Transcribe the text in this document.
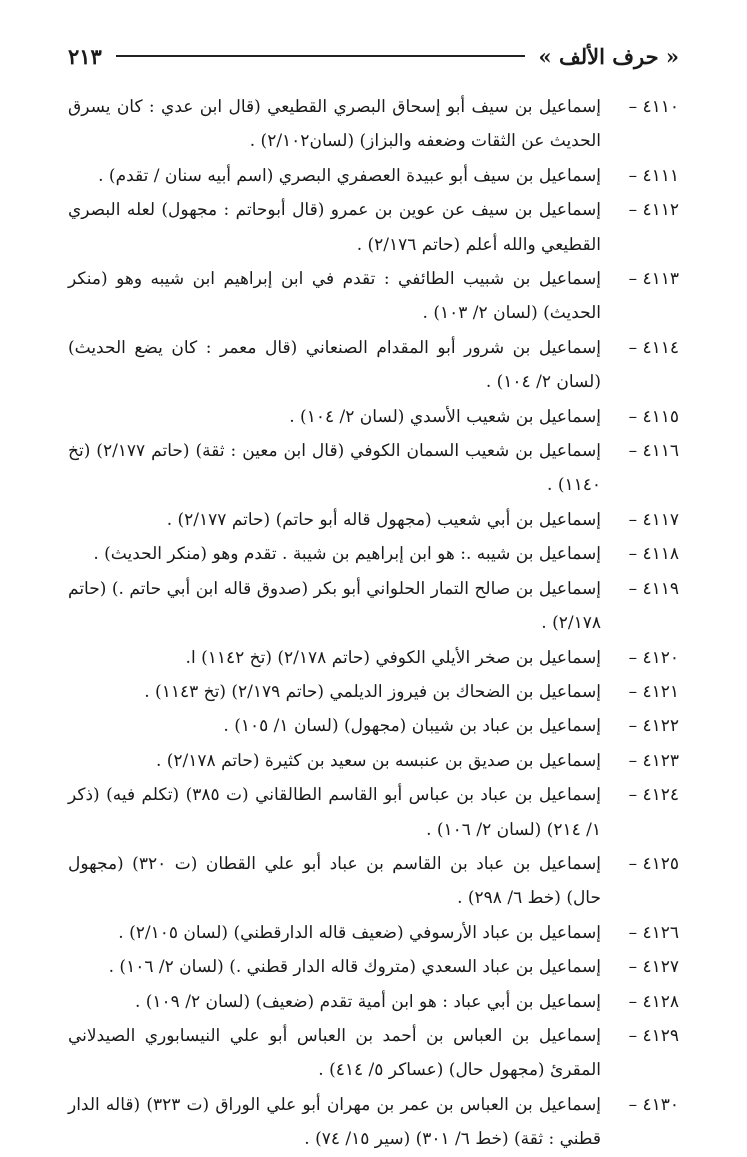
« حرف الألف »
٢١٣
٤١١٠ –
إسماعيل بن سيف أبو إسحاق البصري القطيعي (قال ابن عدي : كان يسرق الحديث عن الثقات وضعفه والبزاز) (لسان٢/١٠٢) .
٤١١١ –
إسماعيل بن سيف أبو عبيدة العصفري البصري (اسم أبيه سنان / تقدم) .
٤١١٢ –
إسماعيل بن سيف عن عوين بن عمرو (قال أبوحاتم : مجهول) لعله البصري القطيعي والله أعلم (حاتم ٢/١٧٦) .
٤١١٣ –
إسماعيل بن شبيب الطائفي : تقدم في ابن إبراهيم ابن شيبه وهو (منكر الحديث) (لسان ٢/ ١٠٣) .
٤١١٤ –
إسماعيل بن شرور أبو المقدام الصنعاني (قال معمر : كان يضع الحديث) (لسان ٢/ ١٠٤) .
٤١١٥ –
إسماعيل بن شعيب الأسدي (لسان ٢/ ١٠٤) .
٤١١٦ –
إسماعيل بن شعيب السمان الكوفي (قال ابن معين : ثقة) (حاتم ٢/١٧٧) (تخ ١١٤٠) .
٤١١٧ –
إسماعيل بن أبي شعيب (مجهول قاله أبو حاتم) (حاتم ٢/١٧٧) .
٤١١٨ –
إسماعيل بن شيبه .: هو ابن إبراهيم بن شيبة . تقدم وهو (منكر الحديث) .
٤١١٩ –
إسماعيل بن صالح التمار الحلواني أبو بكر (صدوق قاله ابن أبي حاتم .) (حاتم ٢/١٧٨) .
٤١٢٠ –
إسماعيل بن صخر الأيلي الكوفي (حاتم ٢/١٧٨) (تخ ١١٤٢) ا.
٤١٢١ –
إسماعيل بن الضحاك بن فيروز الديلمي (حاتم ٢/١٧٩) (تخ ١١٤٣) .
٤١٢٢ –
إسماعيل بن عباد بن شيبان (مجهول) (لسان ١/ ١٠٥) .
٤١٢٣ –
إسماعيل بن صديق بن عنبسه بن سعيد بن كثيرة (حاتم ٢/١٧٨) .
٤١٢٤ –
إسماعيل بن عباد بن عباس أبو القاسم الطالقاني (ت ٣٨٥) (تكلم فيه) (ذكر ١/ ٢١٤) (لسان ٢/ ١٠٦) .
٤١٢٥ –
إسماعيل بن عباد بن القاسم بن عباد أبو علي القطان (ت ٣٢٠) (مجهول حال) (خط ٦/ ٢٩٨) .
٤١٢٦ –
إسماعيل بن عباد الأرسوفي (ضعيف قاله الدارقطني) (لسان ٢/١٠٥) .
٤١٢٧ –
إسماعيل بن عباد السعدي (متروك قاله الدار قطني .) (لسان ٢/ ١٠٦) .
٤١٢٨ –
إسماعيل بن أبي عباد : هو ابن أمية تقدم (ضعيف) (لسان ٢/ ١٠٩) .
٤١٢٩ –
إسماعيل بن العباس بن أحمد بن العباس أبو علي النيسابوري الصيدلاني المقرئ (مجهول حال) (عساكر ٥/ ٤١٤) .
٤١٣٠ –
إسماعيل بن العباس بن عمر بن مهران أبو علي الوراق (ت ٣٢٣) (قاله الدار قطني : ثقة) (خط ٦/ ٣٠١) (سير ١٥/ ٧٤) .
